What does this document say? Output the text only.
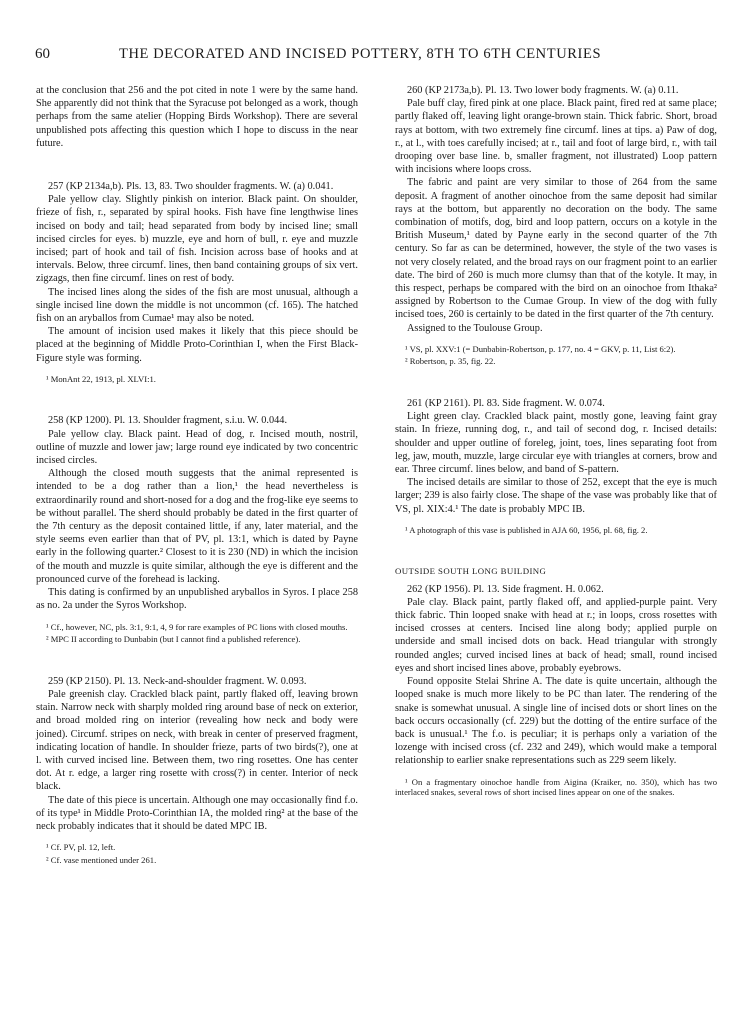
60	THE DECORATED AND INCISED POTTERY, 8TH TO 6TH CENTURIES

at the conclusion that 256 and the pot cited in note 1 were by the same hand. She apparently did not think that the Syracuse pot belonged as a work, though perhaps from the same atelier (Hopping Birds Workshop). There are several unpublished pots affecting this question which I hope to discuss in the near future.

257 (KP 2134a,b). Pls. 13, 83. Two shoulder fragments. W. (a) 0.041.

Pale yellow clay. Slightly pinkish on interior. Black paint. On shoulder, frieze of fish, r., separated by spiral hooks. Fish have fine lengthwise lines incised on body and tail; head separated from body by incised line; small incised circles for eyes. b) muzzle, eye and horn of bull, r. eye and muzzle incised; part of hook and tail of fish. Incision across base of hooks and at intervals. Below, three circumf. lines, then band containing groups of six vert. zigzags, then fine circumf. lines on rest of body.

The incised lines along the sides of the fish are most unusual, although a single incised line down the middle is not uncommon (cf. 165). The hatched fish on an aryballos from Cumae¹ may also be noted.

The amount of incision used makes it likely that this piece should be placed at the beginning of Middle Proto-Corinthian I, when the First Black-Figure style was forming.

¹ MonAnt 22, 1913, pl. XLVI:1.

258 (KP 1200). Pl. 13. Shoulder fragment, s.i.u. W. 0.044.

Pale yellow clay. Black paint. Head of dog, r. Incised mouth, nostril, outline of muzzle and lower jaw; large round eye indicated by two concentric incised circles.

Although the closed mouth suggests that the animal represented is intended to be a dog rather than a lion,¹ the head nevertheless is extraordinarily round and short-nosed for a dog and the frog-like eye seems to be without parallel. The sherd should probably be dated in the first quarter of the 7th century as the deposit contained little, if any, later material, and the style seems even earlier than that of PV, pl. 13:1, which is dated by Payne early in the following quarter.² Closest to it is 230 (ND) in which the incision of the mouth and muzzle is quite similar, although the eye is different and the pronounced curve of the forehead is lacking.

This dating is confirmed by an unpublished aryballos in Syros. I place 258 as no. 2a under the Syros Workshop.

¹ Cf., however, NC, pls. 3:1, 9:1, 4, 9 for rare examples of PC lions with closed mouths.

² MPC II according to Dunbabin (but I cannot find a published reference).

259 (KP 2150). Pl. 13. Neck-and-shoulder fragment. W. 0.093.

Pale greenish clay. Crackled black paint, partly flaked off, leaving brown stain. Narrow neck with sharply molded ring around base of neck on exterior, and broad molded ring on interior (revealing how neck and body were joined). Circumf. stripes on neck, with break in center of preserved fragment, indicating location of handle. In shoulder frieze, parts of two birds(?), one at l. with curved incised line. Between them, two ring rosettes. One has center dot. At r. edge, a larger ring rosette with cross(?) in center. Interior of neck black.

The date of this piece is uncertain. Although one may occasionally find f.o. of its type¹ in Middle Proto-Corinthian IA, the molded ring² at the base of the neck probably indicates that it should be dated MPC IB.

¹ Cf. PV, pl. 12, left.

² Cf. vase mentioned under 261.

260 (KP 2173a,b). Pl. 13. Two lower body fragments. W. (a) 0.11.

Pale buff clay, fired pink at one place. Black paint, fired red at same place; partly flaked off, leaving light orange-brown stain. Thick fabric. Short, broad rays at bottom, with two extremely fine circumf. lines at tips. a) Paw of dog, r., at l., with toes carefully incised; at r., tail and foot of large bird, r., with tail drooping over base line. b, smaller fragment, not illustrated) Loop pattern with incisions where loops cross.

The fabric and paint are very similar to those of 264 from the same deposit. A fragment of another oinochoe from the same deposit had similar rays at the bottom, but apparently no decoration on the body. The same combination of motifs, dog, bird and loop pattern, occurs on a kotyle in the British Museum,¹ dated by Payne early in the second quarter of the 7th century. So far as can be determined, however, the style of the two vases is not very closely related, and the broad rays on our fragment point to an earlier date. The bird of 260 is much more clumsy than that of the kotyle. It may, in this respect, perhaps be compared with the bird on an oinochoe from Ithaka² assigned by Robertson to the Cumae Group. In view of the dog with fully incised toes, 260 is certainly to be dated in the first quarter of the 7th century.

Assigned to the Toulouse Group.

¹ VS, pl. XXV:1 (= Dunbabin-Robertson, p. 177, no. 4 = GKV, p. 11, List 6:2).

² Robertson, p. 35, fig. 22.

261 (KP 2161). Pl. 83. Side fragment. W. 0.074.

Light green clay. Crackled black paint, mostly gone, leaving faint gray stain. In frieze, running dog, r., and tail of second dog, r. Incised details: shoulder and upper outline of foreleg, joint, toes, lines separating foot from leg, jaw, mouth, muzzle, large circular eye with triangles at corners, brow and ear. Three circumf. lines below, and band of S-pattern.

The incised details are similar to those of 252, except that the eye is much larger; 239 is also fairly close. The shape of the vase was probably like that of VS, pl. XIX:4.¹ The date is probably MPC IB.

¹ A photograph of this vase is published in AJA 60, 1956, pl. 68, fig. 2.

OUTSIDE SOUTH LONG BUILDING

262 (KP 1956). Pl. 13. Side fragment. H. 0.062.

Pale clay. Black paint, partly flaked off, and applied-purple paint. Very thick fabric. Thin looped snake with head at r.; in loops, cross rosettes with incised crosses at centers. Incised line along body; applied purple on underside and small incised dots on back. Head triangular with strongly rounded angles; curved incised lines at back of head; small, round incised eyes and short incised lines above, probably eyebrows.

Found opposite Stelai Shrine A. The date is quite uncertain, although the looped snake is much more likely to be PC than later. The rendering of the snake is somewhat unusual. A single line of incised dots or short lines on the back occurs occasionally (cf. 229) but the dotting of the entire surface of the back is unusual.¹ The f.o. is peculiar; it is perhaps only a variation of the lozenge with incised cross (cf. 232 and 249), which would make a temporal relationship to earlier snake representations such as 229 seem likely.

¹ On a fragmentary oinochoe handle from Aigina (Kraiker, no. 350), which has two interlaced snakes, several rows of short incised lines appear on one of the snakes.
